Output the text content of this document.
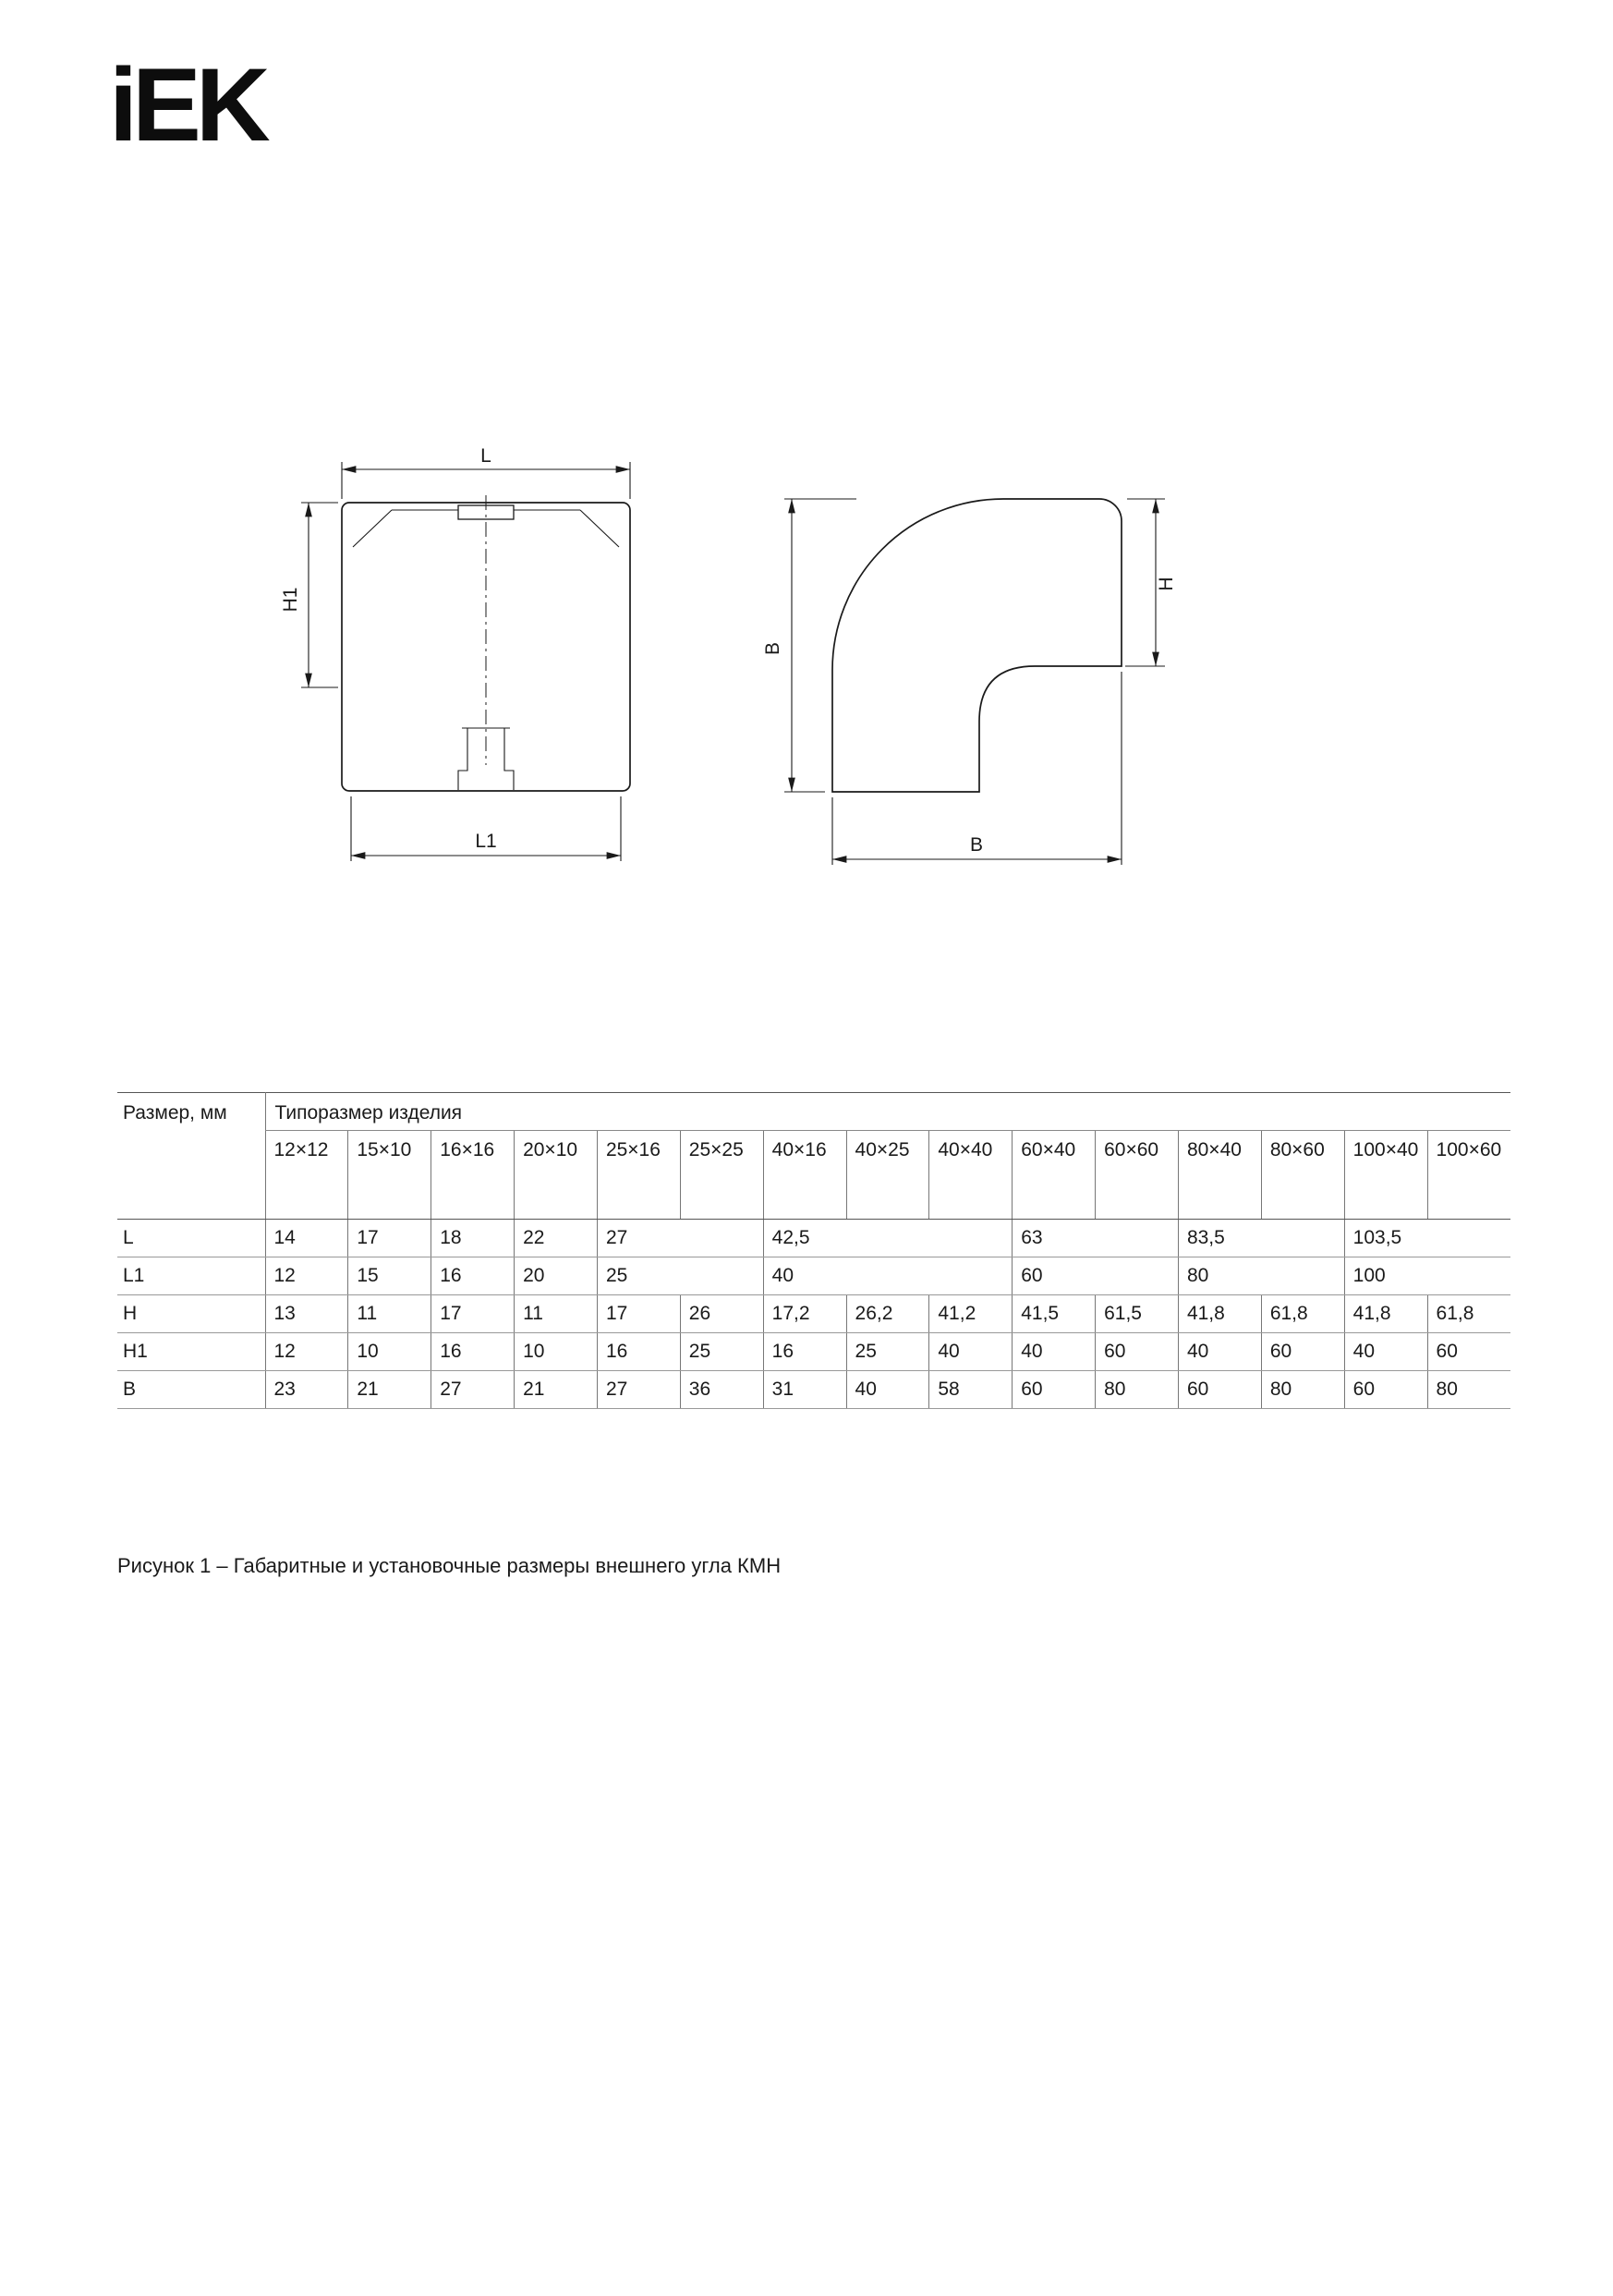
iEK
L
H1
L1
B
H
B
Размер, мм	Типоразмер изделия														
	12×12	15×10	16×16	20×10	25×16	25×25	40×16	40×25	40×40	60×40	60×60	80×40	80×60	100×40	100×60
L	14	17	18	22	27		42,5			63		83,5		103,5	
L1	12	15	16	20	25		40			60		80		100	
H	13	11	17	11	17	26	17,2	26,2	41,2	41,5	61,5	41,8	61,8	41,8	61,8
H1	12	10	16	10	16	25	16	25	40	40	60	40	60	40	60
B	23	21	27	21	27	36	31	40	58	60	80	60	80	60	80
Рисунок 1 – Габаритные и установочные размеры внешнего угла КМН
